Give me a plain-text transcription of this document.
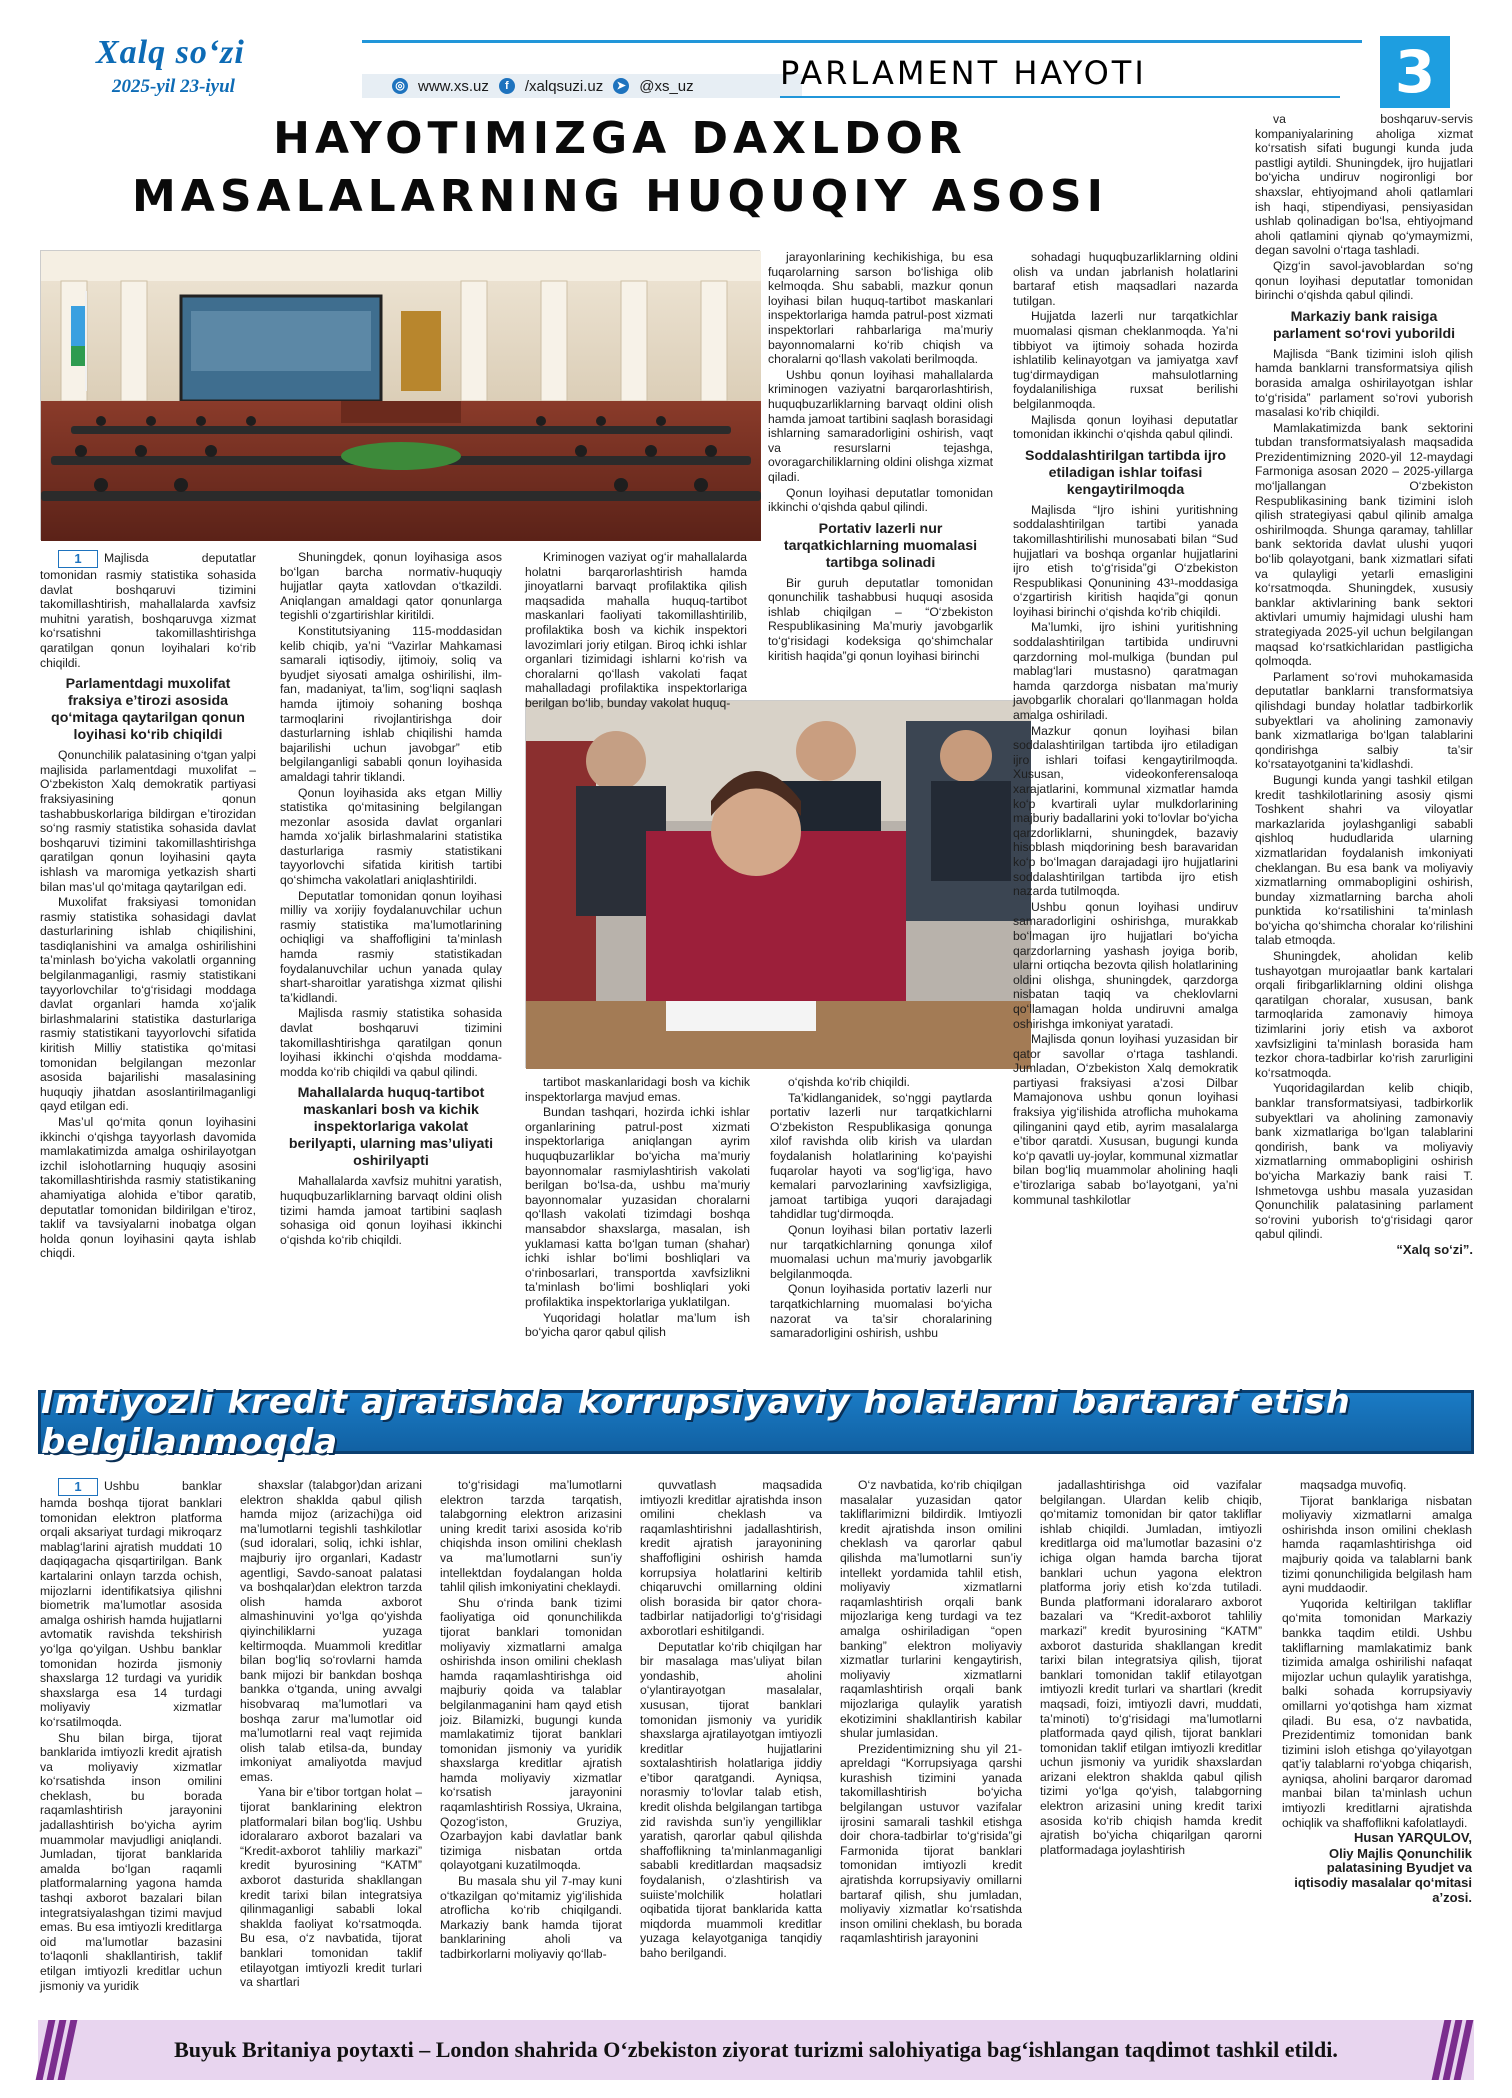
Xalq so‘zi
2025-yil 23-iyul	◎ www.xs.uz	f	/xalqsuzi.uz	➤ @xs_uz	PARLAMENT HAYOTI	3
HAYOTIMIZGA DAXLDOR MASALALARNING HUQUQIY ASOSI

1 Majlisda deputatlar tomonidan rasmiy statistika sohasida davlat boshqaruvi tizimini takomillashtirish, mahallalarda xavfsiz muhitni yaratish, boshqaruvga xizmat ko‘rsatishni takomillashtirishga qaratilgan qonun loyihalari ko‘rib chiqildi.

Parlamentdagi muxolifat fraksiya e’tirozi asosida qo‘mitaga qaytarilgan qonun loyihasi ko‘rib chiqildi

Qonunchilik palatasining o‘tgan yalpi majlisida parlamentdagi muxolifat – O‘zbekiston Xalq demokratik partiyasi fraksiyasining qonun tashabbuskorlariga bildirgan e’tirozidan so‘ng rasmiy statistika sohasida davlat boshqaruvi tizimini takomillashtirishga qaratilgan qonun loyihasini qayta ishlash va maromiga yetkazish sharti bilan mas’ul qo‘mitaga qaytarilgan edi.

Muxolifat fraksiyasi tomonidan rasmiy statistika sohasidagi davlat dasturlarining ishlab chiqilishini, tasdiqlanishini va amalga oshirilishini ta’minlash bo‘yicha vakolatli organning belgilanmaganligi, rasmiy statistikani tayyorlovchilar to‘g‘risidagi moddaga davlat organlari hamda xo‘jalik birlashmalarini statistika dasturlariga rasmiy statistikani tayyorlovchi sifatida kiritish Milliy statistika qo‘mitasi tomonidan belgilangan mezonlar asosida bajarilishi masalasining huquqiy jihatdan asoslantirilmaganligi qayd etilgan edi.

Mas’ul qo‘mita qonun loyihasini ikkinchi o‘qishga tayyorlash davomida mamlakatimizda amalga oshirilayotgan izchil islohotlarning huquqiy asosini takomillashtirishda rasmiy statistikaning ahamiyatiga alohida e’tibor qaratib, deputatlar tomonidan bildirilgan e’tiroz, taklif va tavsiyalarni inobatga olgan holda qonun loyihasini qayta ishlab chiqdi.

Shuningdek, qonun loyihasiga asos bo‘lgan barcha normativ-huquqiy hujjatlar qayta xatlovdan o‘tkazildi. Aniqlangan amaldagi qator qonunlarga tegishli o‘zgartirishlar kiritildi.

Konstitutsiyaning 115-moddasidan kelib chiqib, ya’ni “Vazirlar Mahkamasi samarali iqtisodiy, ijtimoiy, soliq va byudjet siyosati amalga oshirilishi, ilm-fan, madaniyat, ta’lim, sog‘liqni saqlash hamda ijtimoiy sohaning boshqa tarmoqlarini rivojlantirishga doir dasturlarning ishlab chiqilishi hamda bajarilishi uchun javobgar” etib belgilanganligi sababli qonun loyihasida amaldagi tahrir tiklandi.

Qonun loyihasida aks etgan Milliy statistika qo‘mitasining belgilangan mezonlar asosida davlat organlari hamda xo‘jalik birlashmalarini statistika dasturlariga rasmiy statistikani tayyorlovchi sifatida kiritish tartibi qo‘shimcha vakolatlari aniqlashtirildi.

Deputatlar tomonidan qonun loyihasi milliy va xorijiy foydalanuvchilar uchun rasmiy statistika ma’lumotlarining ochiqligi va shaffofligini ta’minlash hamda rasmiy statistikadan foydalanuvchilar uchun yanada qulay shart-sharoitlar yaratishga xizmat qilishi ta’kidlandi.

Majlisda rasmiy statistika sohasida davlat boshqaruvi tizimini takomillashtirishga qaratilgan qonun loyihasi ikkinchi o‘qishda moddama-modda ko‘rib chiqildi va qabul qilindi.

Mahallalarda huquq-tartibot maskanlari bosh va kichik inspektorlariga vakolat berilyapti, ularning mas’uliyati oshirilyapti

Mahallalarda xavfsiz muhitni yaratish, huquqbuzarliklarning barvaqt oldini olish tizimi hamda jamoat tartibini saqlash sohasiga oid qonun loyihasi ikkinchi o‘qishda ko‘rib chiqildi.

Kriminogen vaziyat og‘ir mahallalarda holatni barqarorlashtirish hamda jinoyatlarni barvaqt profilaktika qilish maqsadida mahalla huquq-tartibot maskanlari faoliyati takomillashtirilib, profilaktika bosh va kichik inspektori lavozimlari joriy etilgan. Biroq ichki ishlar organlari tizimidagi ishlarni ko‘rish va choralarni qo‘llash vakolati faqat mahalladagi profilaktika inspektorlariga berilgan bo‘lib, bunday vakolat huquq-

jarayonlarining kechikishiga, bu esa fuqarolarning sarson bo‘lishiga olib kelmoqda. Shu sababli, mazkur qonun loyihasi bilan huquq-tartibot maskanlari inspektorlariga hamda patrul-post xizmati inspektorlari rahbarlariga ma’muriy bayonnomalarni ko‘rib chiqish va choralarni qo‘llash vakolati berilmoqda.

Ushbu qonun loyihasi mahallalarda kriminogen vaziyatni barqarorlashtirish, huquqbuzarliklarning barvaqt oldini olish hamda jamoat tartibini saqlash borasidagi ishlarning samaradorligini oshirish, vaqt va resurslarni tejashga, ovoragarchiliklarning oldini olishga xizmat qiladi.

Qonun loyihasi deputatlar tomonidan ikkinchi o‘qishda qabul qilindi.

Portativ lazerli nur tarqatkichlarning muomalasi tartibga solinadi

Bir guruh deputatlar tomonidan qonunchilik tashabbusi huquqi asosida ishlab chiqilgan – “O‘zbekiston Respublikasining Ma’muriy javobgarlik to‘g‘risidagi kodeksiga qo‘shimchalar kiritish haqida”gi qonun loyihasi birinchi

tartibot maskanlaridagi bosh va kichik inspektorlarga mavjud emas.

Bundan tashqari, hozirda ichki ishlar organlarining patrul-post xizmati inspektorlariga aniqlangan ayrim huquqbuzarliklar bo‘yicha ma’muriy bayonnomalar rasmiylashtirish vakolati berilgan bo‘lsa-da, ushbu ma’muriy bayonnomalar yuzasidan choralarni qo‘llash vakolati tizimdagi boshqa mansabdor shaxslarga, masalan, ish yuklamasi katta bo‘lgan tuman (shahar) ichki ishlar bo‘limi boshliqlari va o‘rinbosarlari, transportda xavfsizlikni ta’minlash bo‘limi boshliqlari yoki profilaktika inspektorlariga yuklatilgan.

Yuqoridagi holatlar ma’lum ish bo‘yicha qaror qabul qilish

o‘qishda ko‘rib chiqildi.

Ta’kidlanganidek, so‘nggi paytlarda portativ lazerli nur tarqatkichlarni O‘zbekiston Respublikasiga qonunga xilof ravishda olib kirish va ulardan foydalanish holatlarining ko‘payishi fuqarolar hayoti va sog‘lig‘iga, havo kemalari parvozlarining xavfsizligiga, jamoat tartibiga yuqori darajadagi tahdidlar tug‘dirmoqda.

Qonun loyihasi bilan portativ lazerli nur tarqatkichlarning qonunga xilof muomalasi uchun ma’muriy javobgarlik belgilanmoqda.

Qonun loyihasida portativ lazerli nur tarqatkichlarning muomalasi bo‘yicha nazorat va ta’sir choralarining samaradorligini oshirish, ushbu

sohadagi huquqbuzarliklarning oldini olish va undan jabrlanish holatlarini bartaraf etish maqsadlari nazarda tutilgan.

Hujjatda lazerli nur tarqatkichlar muomalasi qisman cheklanmoqda. Ya’ni tibbiyot va ijtimoiy sohada hozirda ishlatilib kelinayotgan va jamiyatga xavf tug‘dirmaydigan mahsulotlarning foydalanilishiga ruxsat berilishi belgilanmoqda.

Majlisda qonun loyihasi deputatlar tomonidan ikkinchi o‘qishda qabul qilindi.

Soddalashtirilgan tartibda ijro etiladigan ishlar toifasi kengaytirilmoqda

Majlisda “Ijro ishini yuritishning soddalashtirilgan tartibi yanada takomillashtirilishi munosabati bilan “Sud hujjatlari va boshqa organlar hujjatlarini ijro etish to‘g‘risida”gi O‘zbekiston Respublikasi Qonunining 43¹-moddasiga o‘zgartirish kiritish haqida”gi qonun loyihasi birinchi o‘qishda ko‘rib chiqildi.

Ma’lumki, ijro ishini yuritishning soddalashtirilgan tartibida undiruvni qarzdorning mol-mulkiga (bundan pul mablag‘lari mustasno) qaratmagan hamda qarzdorga nisbatan ma’muriy javobgarlik choralari qo‘llanmagan holda amalga oshiriladi.

Mazkur qonun loyihasi bilan soddalashtirilgan tartibda ijro etiladigan ijro ishlari toifasi kengaytirilmoqda. Xususan, videokonferensaloqa xarajatlarini, kommunal xizmatlar hamda ko‘p kvartirali uylar mulkdorlarining majburiy badallarini yoki to‘lovlar bo‘yicha qarzdorliklarni, shuningdek, bazaviy hisoblash miqdorining besh baravaridan ko‘p bo‘lmagan darajadagi ijro hujjatlarini soddalashtirilgan tartibda ijro etish nazarda tutilmoqda.

Ushbu qonun loyihasi undiruv samaradorligini oshirishga, murakkab bo‘lmagan ijro hujjatlari bo‘yicha qarzdorlarning yashash joyiga borib, ularni ortiqcha bezovta qilish holatlarining oldini olishga, shuningdek, qarzdorga nisbatan taqiq va cheklovlarni qo‘llamagan holda undiruvni amalga oshirishga imkoniyat yaratadi.

Majlisda qonun loyihasi yuzasidan bir qator savollar o‘rtaga tashlandi. Jumladan, O‘zbekiston Xalq demokratik partiyasi fraksiyasi a’zosi Dilbar Mamajonova ushbu qonun loyihasi fraksiya yig‘ilishida atroflicha muhokama qilinganini qayd etib, ayrim masalalarga e’tibor qaratdi. Xususan, bugungi kunda ko‘p qavatli uy-joylar, kommunal xizmatlar bilan bog‘liq muammolar aholining haqli e’tirozlariga sabab bo‘layotgani, ya’ni kommunal tashkilotlar

va boshqaruv-servis kompaniyalarining aholiga xizmat ko‘rsatish sifati bugungi kunda juda pastligi aytildi. Shuningdek, ijro hujjatlari bo‘yicha undiruv nogironligi bor shaxslar, ehtiyojmand aholi qatlamlari ish haqi, stipendiyasi, pensiyasidan ushlab qolinadigan bo‘lsa, ehtiyojmand aholi qatlamini qiynab qo‘ymaymizmi, degan savolni o‘rtaga tashladi.

Qizg‘in savol-javoblardan so‘ng qonun loyihasi deputatlar tomonidan birinchi o‘qishda qabul qilindi.

Markaziy bank raisiga parlament so‘rovi yuborildi

Majlisda “Bank tizimini isloh qilish hamda banklarni transformatsiya qilish borasida amalga oshirilayotgan ishlar to‘g‘risida” parlament so‘rovi yuborish masalasi ko‘rib chiqildi.

Mamlakatimizda bank sektorini tubdan transformatsiyalash maqsadida Prezidentimizning 2020-yil 12-maydagi Farmoniga asosan 2020 – 2025-yillarga mo‘ljallangan O‘zbekiston Respublikasining bank tizimini isloh qilish strategiyasi qabul qilinib amalga oshirilmoqda. Shunga qaramay, tahlillar bank sektorida davlat ulushi yuqori bo‘lib qolayotgani, bank xizmatlari sifati va qulayligi yetarli emasligini ko‘rsatmoqda. Shuningdek, xususiy banklar aktivlarining bank sektori aktivlari umumiy hajmidagi ulushi ham strategiyada 2025-yil uchun belgilangan maqsad ko‘rsatkichlaridan pastligicha qolmoqda.

Parlament so‘rovi muhokamasida deputatlar banklarni transformatsiya qilishdagi bunday holatlar tadbirkorlik subyektlari va aholining zamonaviy bank xizmatlariga bo‘lgan talablarini qondirishga salbiy ta’sir ko‘rsatayotganini ta’kidlashdi.

Bugungi kunda yangi tashkil etilgan kredit tashkilotlarining asosiy qismi Toshkent shahri va viloyatlar markazlarida joylashganligi sababli qishloq hududlarida ularning xizmatlaridan foydalanish imkoniyati cheklangan. Bu esa bank va moliyaviy xizmatlarning ommabopligini oshirish, bunday xizmatlarning barcha aholi punktida ko‘rsatilishini ta’minlash bo‘yicha qo‘shimcha choralar ko‘rilishini talab etmoqda.

Shuningdek, aholidan kelib tushayotgan murojaatlar bank kartalari orqali firibgarliklarning oldini olishga qaratilgan choralar, xususan, bank tarmoqlarida zamonaviy himoya tizimlarini joriy etish va axborot xavfsizligini ta’minlash borasida ham tezkor chora-tadbirlar ko‘rish zarurligini ko‘rsatmoqda.

Yuqoridagilardan kelib chiqib, banklar transformatsiyasi, tadbirkorlik subyektlari va aholining zamonaviy bank xizmatlariga bo‘lgan talablarini qondirish, bank va moliyaviy xizmatlarning ommabopligini oshirish bo‘yicha Markaziy bank raisi T. Ishmetovga ushbu masala yuzasidan Qonunchilik palatasining parlament so‘rovini yuborish to‘g‘risidagi qaror qabul qilindi.

“Xalq so‘zi”.

Imtiyozli kredit ajratishda korrupsiyaviy holatlarni bartaraf etish belgilanmoqda

1 Ushbu banklar hamda boshqa tijorat banklari tomonidan elektron platforma orqali aksariyat turdagi mikroqarz mablag‘larini ajratish muddati 10 daqiqagacha qisqartirilgan. Bank kartalarini onlayn tarzda ochish, mijozlarni identifikatsiya qilishni biometrik ma’lumotlar asosida amalga oshirish hamda hujjatlarni avtomatik ravishda tekshirish yo‘lga qo‘yilgan. Ushbu banklar tomonidan hozirda jismoniy shaxslarga 12 turdagi va yuridik shaxslarga esa 14 turdagi moliyaviy xizmatlar ko‘rsatilmoqda.

Shu bilan birga, tijorat banklarida imtiyozli kredit ajratish va moliyaviy xizmatlar ko‘rsatishda inson omilini cheklash, bu borada raqamlashtirish jarayonini jadallashtirish bo‘yicha ayrim muammolar mavjudligi aniqlandi. Jumladan, tijorat banklarida amalda bo‘lgan raqamli platformalarning yagona hamda tashqi axborot bazalari bilan integratsiyalashgan tizimi mavjud emas. Bu esa imtiyozli kreditlarga oid ma’lumotlar bazasini to‘laqonli shakllantirish, taklif etilgan imtiyozli kreditlar uchun jismoniy va yuridik

shaxslar (talabgor)dan arizani elektron shaklda qabul qilish hamda mijoz (arizachi)ga oid ma’lumotlarni tegishli tashkilotlar (sud idoralari, soliq, ichki ishlar, majburiy ijro organlari, Kadastr agentligi, Savdo-sanoat palatasi va boshqalar)dan elektron tarzda olish hamda axborot almashinuvini yo‘lga qo‘yishda qiyinchiliklarni yuzaga keltirmoqda. Muammoli kreditlar bilan bog‘liq so‘rovlarni hamda bank mijozi bir bankdan boshqa bankka o‘tganda, uning avvalgi hisobvaraq ma’lumotlari va boshqa zarur ma’lumotlar oid ma’lumotlarni real vaqt rejimida olish talab etilsa-da, bunday imkoniyat amaliyotda mavjud emas.

Yana bir e’tibor tortgan holat – tijorat banklarining elektron platformalari bilan bog‘liq. Ushbu idoralararo axborot bazalari va “Kredit-axborot tahliliy markazi” kredit byurosining “KATM” axborot dasturida shakllangan kredit tarixi bilan integratsiya qilinmaganligi sababli lokal shaklda faoliyat ko‘rsatmoqda. Bu esa, o‘z navbatida, tijorat banklari tomonidan taklif etilayotgan imtiyozli kredit turlari va shartlari

to‘g‘risidagi ma’lumotlarni elektron tarzda tarqatish, talabgorning elektron arizasini uning kredit tarixi asosida ko‘rib chiqishda inson omilini cheklash va ma’lumotlarni sun’iy intellektdan foydalangan holda tahlil qilish imkoniyatini cheklaydi.

Shu o‘rinda bank tizimi faoliyatiga oid qonunchilikda tijorat banklari tomonidan moliyaviy xizmatlarni amalga oshirishda inson omilini cheklash hamda raqamlashtirishga oid majburiy qoida va talablar belgilanmaganini ham qayd etish joiz. Bilamizki, bugungi kunda mamlakatimiz tijorat banklari tomonidan jismoniy va yuridik shaxslarga kreditlar ajratish hamda moliyaviy xizmatlar ko‘rsatish jarayonini raqamlashtirish Rossiya, Ukraina, Qozog‘iston, Gruziya, Ozarbayjon kabi davlatlar bank tizimiga nisbatan ortda qolayotgani kuzatilmoqda.

Bu masala shu yil 7-may kuni o‘tkazilgan qo‘mitamiz yig‘ilishida atroflicha ko‘rib chiqilgandi. Markaziy bank hamda tijorat banklarining aholi va tadbirkorlarni moliyaviy qo‘llab-

quvvatlash maqsadida imtiyozli kreditlar ajratishda inson omilini cheklash va raqamlashtirishni jadallashtirish, kredit ajratish jarayonining shaffofligini oshirish hamda korrupsiya holatlarini keltirib chiqaruvchi omillarning oldini olish borasida bir qator chora-tadbirlar natijadorligi to‘g‘risidagi axborotlari eshitilgandi.

Deputatlar ko‘rib chiqilgan har bir masalaga mas’uliyat bilan yondashib, aholini o‘ylantirayotgan masalalar, xususan, tijorat banklari tomonidan jismoniy va yuridik shaxslarga ajratilayotgan imtiyozli kreditlar hujjatlarini soxtalashtirish holatlariga jiddiy e’tibor qaratgandi. Ayniqsa, norasmiy to‘lovlar talab etish, kredit olishda belgilangan tartibga zid ravishda sun’iy yengilliklar yaratish, qarorlar qabul qilishda shaffoflikning ta’minlanmaganligi sababli kreditlardan maqsadsiz foydalanish, o‘zlashtirish va suiiste’molchilik holatlari oqibatida tijorat banklarida katta miqdorda muammoli kreditlar yuzaga kelayotganiga tanqidiy baho berilgandi.

O‘z navbatida, ko‘rib chiqilgan masalalar yuzasidan qator takliflarimizni bildirdik. Imtiyozli kredit ajratishda inson omilini cheklash va qarorlar qabul qilishda ma’lumotlarni sun’iy intellekt yordamida tahlil etish, moliyaviy xizmatlarni raqamlashtirish orqali bank mijozlariga keng turdagi va tez amalga oshiriladigan “open banking” elektron moliyaviy xizmatlar turlarini kengaytirish, moliyaviy xizmatlarni raqamlashtirish orqali bank mijozlariga qulaylik yaratish ekotizimini shakllantirish kabilar shular jumlasidan.

Prezidentimizning shu yil 21-apreldagi “Korrupsiyaga qarshi kurashish tizimini yanada takomillashtirish bo‘yicha belgilangan ustuvor vazifalar ijrosini samarali tashkil etishga doir chora-tadbirlar to‘g‘risida”gi Farmonida tijorat banklari tomonidan imtiyozli kredit ajratishda korrupsiyaviy omillarni bartaraf qilish, shu jumladan, moliyaviy xizmatlar ko‘rsatishda inson omilini cheklash, bu borada raqamlashtirish jarayonini

jadallashtirishga oid vazifalar belgilangan. Ulardan kelib chiqib, qo‘mitamiz tomonidan bir qator takliflar ishlab chiqildi. Jumladan, imtiyozli kreditlarga oid ma’lumotlar bazasini o‘z ichiga olgan hamda barcha tijorat banklari uchun yagona elektron platforma joriy etish ko‘zda tutiladi. Bunda platformani idoralararo axborot bazalari va “Kredit-axborot tahliliy markazi” kredit byurosining “KATM” axborot dasturida shakllangan kredit tarixi bilan integratsiya qilish, tijorat banklari tomonidan taklif etilayotgan imtiyozli kredit turlari va shartlari (kredit maqsadi, foizi, imtiyozli davri, muddati, ta’minoti) to‘g‘risidagi ma’lumotlarni platformada qayd qilish, tijorat banklari tomonidan taklif etilgan imtiyozli kreditlar uchun jismoniy va yuridik shaxslardan arizani elektron shaklda qabul qilish tizimi yo‘lga qo‘yish, talabgorning elektron arizasini uning kredit tarixi asosida ko‘rib chiqish hamda kredit ajratish bo‘yicha chiqarilgan qarorni platformadaga joylashtirish

maqsadga muvofiq.

Tijorat banklariga nisbatan moliyaviy xizmatlarni amalga oshirishda inson omilini cheklash hamda raqamlashtirishga oid majburiy qoida va talablarni bank tizimi qonunchiligida belgilash ham ayni muddaodir.

Yuqorida keltirilgan takliflar qo‘mita tomonidan Markaziy bankka taqdim etildi. Ushbu takliflarning mamlakatimiz bank tizimida amalga oshirilishi nafaqat mijozlar uchun qulaylik yaratishga, balki sohada korrupsiyaviy omillarni yo‘qotishga ham xizmat qiladi. Bu esa, o‘z navbatida, Prezidentimiz tomonidan bank tizimini isloh etishga qo‘yilayotgan qat’iy talablarni ro‘yobga chiqarish, ayniqsa, aholini barqaror daromad manbai bilan ta’minlash uchun imtiyozli kreditlarni ajratishda ochiqlik va shaffoflikni kafolatlaydi.

Husan YARQULOV,

Oliy Majlis Qonunchilik palatasining Byudjet va iqtisodiy masalalar qo‘mitasi a’zosi.

Buyuk Britaniya poytaxti – London shahrida O‘zbekiston ziyorat turizmi salohiyatiga bag‘ishlangan taqdimot tashkil etildi.
